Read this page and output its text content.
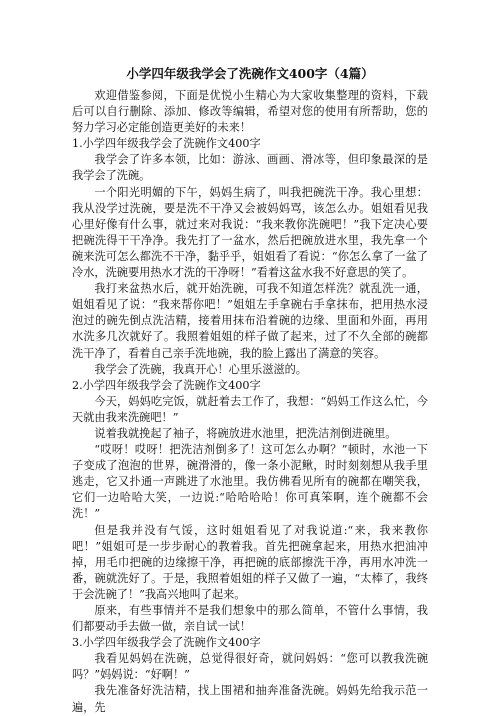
小学四年级我学会了洗碗作文400字（4篇）

欢迎借鉴参阅，下面是优悦小生精心为大家收集整理的资料，下载后可以自行删除、添加、修改等编辑，希望对您的使用有所帮助，您的努力学习必定能创造更美好的未来！

1.小学四年级我学会了洗碗作文400字

我学会了许多本领，比如：游泳、画画、滑冰等，但印象最深的是我学会了洗碗。

一个阳光明媚的下午，妈妈生病了，叫我把碗洗干净。我心里想：我从没学过洗碗，要是洗不干净又会被妈妈骂，该怎么办。姐姐看见我心里好像有什么事，就过来对我说：“我来教你洗碗吧！”我下定决心要把碗洗得干干净净。我先打了一盆水，然后把碗放进水里，我先拿一个碗来洗可怎么都洗不干净，黏乎乎，姐姐看了看说：“你怎么拿了一盆了冷水，洗碗要用热水才洗的干净呀！”看着这盆水我不好意思的笑了。

我打来盆热水后，就开始洗碗，可我不知道怎样洗？就乱洗一通，姐姐看见了说：“我来帮你吧！”姐姐左手拿碗右手拿抹布，把用热水浸泡过的碗先倒点洗洁精，接着用抹布沿着碗的边缘、里面和外面，再用水洗多几次就好了。我照着姐姐的样子做了起来，过了不久全部的碗都洗干净了，看着自己亲手洗地碗，我的脸上露出了满意的笑容。

我学会了洗碗，我真开心！心里乐滋滋的。

2.小学四年级我学会了洗碗作文400字

今天，妈妈吃完饭，就赶着去工作了，我想：“妈妈工作这么忙，今天就由我来洗碗吧！”

说着我就挽起了袖子，将碗放进水池里，把洗洁剂倒进碗里。

“哎呀！哎呀！把洗洁剂倒多了！这可怎么办啊？”顿时，水池一下子变成了泡泡的世界，碗滑滑的，像一条小泥鳅，时时刻刻想从我手里逃走，它又扑通一声跳进了水池里。我仿佛看见所有的碗都在嘲笑我，它们一边哈哈大笑，一边说:“哈哈哈哈！你可真笨啊，连个碗都不会洗！”

但是我并没有气馁，这时姐姐看见了对我说道:“来，我来教你吧！”姐姐可是一步步耐心的教着我。首先把碗拿起来，用热水把油冲掉，用毛巾把碗的边缘擦干净，再把碗的底部擦洗干净，再用水冲洗一番，碗就洗好了。于是，我照着姐姐的样子又做了一遍，“太棒了，我终于会洗碗了！”我高兴地叫了起来。

原来，有些事情并不是我们想象中的那么简单，不管什么事情，我们都要动手去做一做，亲自试一试！

3.小学四年级我学会了洗碗作文400字

我看见妈妈在洗碗，总觉得很好奇，就问妈妈：“您可以教我洗碗吗？”妈妈说：“好啊！”

我先准备好洗洁精，找上围裙和抽奔准备洗碗。妈妈先给我示范一遍，先
